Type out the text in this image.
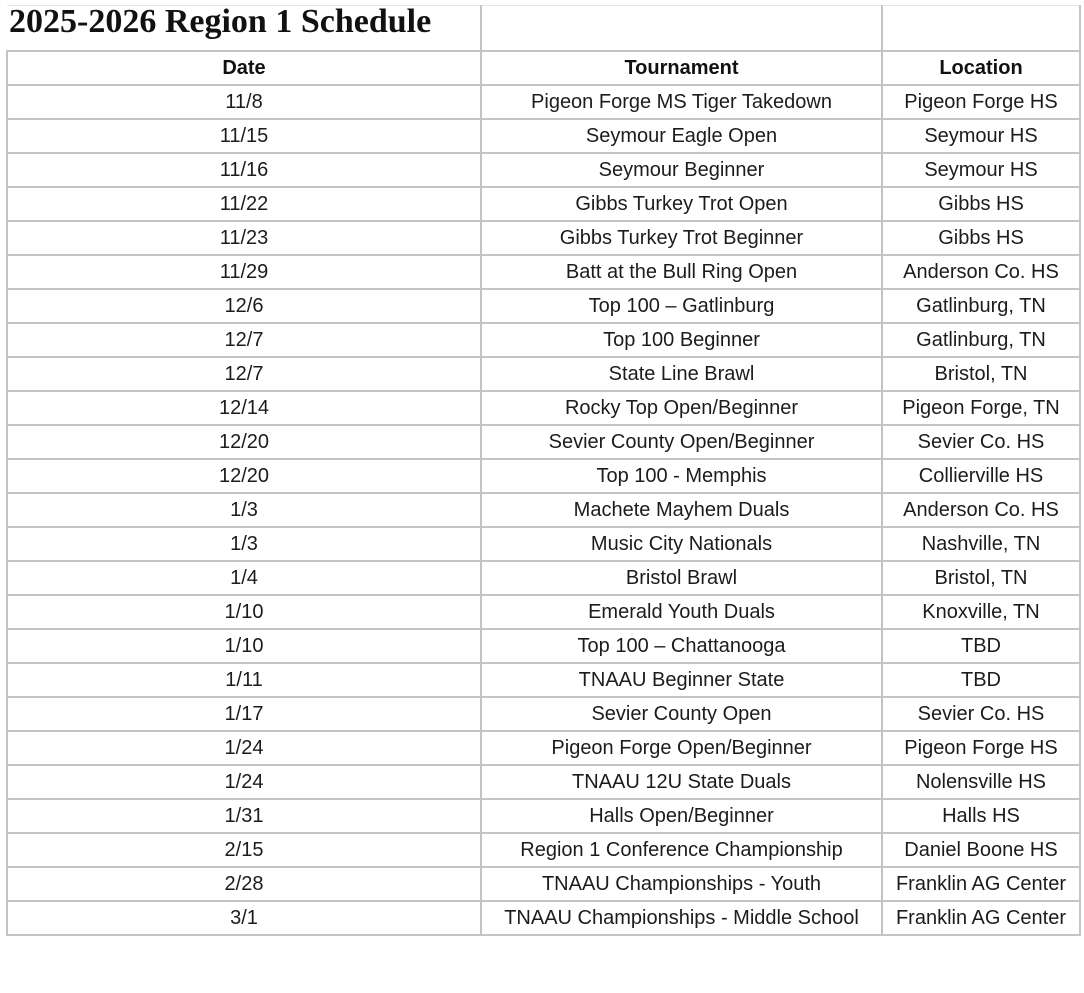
2025-2026 Region 1 Schedule		
Date	Tournament	Location
11/8	Pigeon Forge MS Tiger Takedown	Pigeon Forge HS
11/15	Seymour Eagle Open	Seymour HS
11/16	Seymour Beginner	Seymour HS
11/22	Gibbs Turkey Trot Open	Gibbs HS
11/23	Gibbs Turkey Trot Beginner	Gibbs HS
11/29	Batt at the Bull Ring Open	Anderson Co. HS
12/6	Top 100 – Gatlinburg	Gatlinburg, TN
12/7	Top 100 Beginner	Gatlinburg, TN
12/7	State Line Brawl	Bristol, TN
12/14	Rocky Top Open/Beginner	Pigeon Forge, TN
12/20	Sevier County Open/Beginner	Sevier Co. HS
12/20	Top 100 - Memphis	Collierville HS
1/3	Machete Mayhem Duals	Anderson Co. HS
1/3	Music City Nationals	Nashville, TN
1/4	Bristol Brawl	Bristol, TN
1/10	Emerald Youth Duals	Knoxville, TN
1/10	Top 100 – Chattanooga	TBD
1/11	TNAAU Beginner State	TBD
1/17	Sevier County Open	Sevier Co. HS
1/24	Pigeon Forge Open/Beginner	Pigeon Forge HS
1/24	TNAAU 12U State Duals	Nolensville HS
1/31	Halls Open/Beginner	Halls HS
2/15	Region 1 Conference Championship	Daniel Boone HS
2/28	TNAAU Championships - Youth	Franklin AG Center
3/1	TNAAU Championships - Middle School	Franklin AG Center
